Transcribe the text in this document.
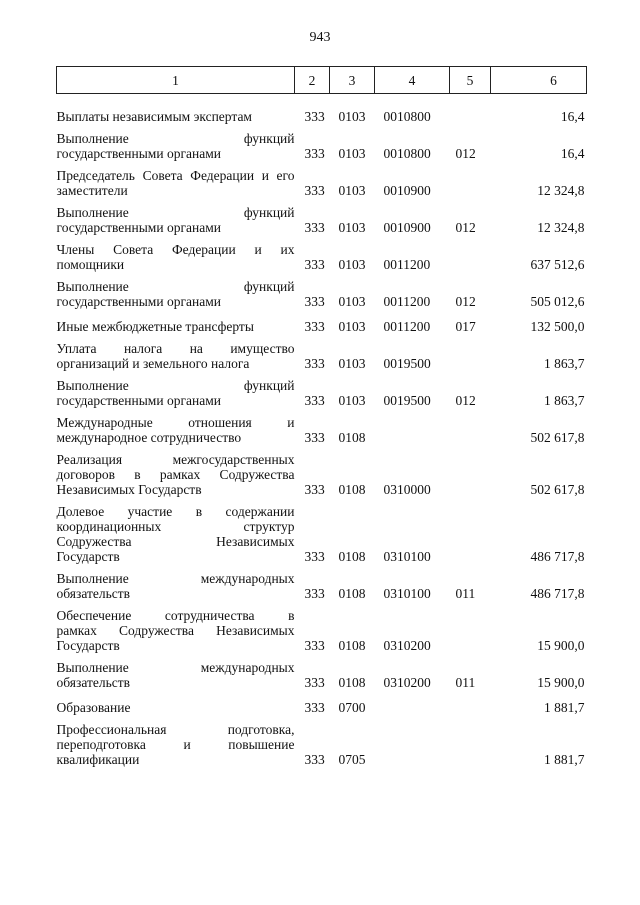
943
1	2	3	4	5	6

Выплаты независимым экспертам	333	0103	0010800		16,4

Выполнение функций
государственными органами	333	0103	0010800	012	16,4

Председатель Совета Федерации и его
заместители	333	0103	0010900		12 324,8

Выполнение функций
государственными органами	333	0103	0010900	012	12 324,8

Члены Совета Федерации и их
помощники	333	0103	0011200		637 512,6

Выполнение функций
государственными органами	333	0103	0011200	012	505 012,6

Иные межбюджетные трансферты	333	0103	0011200	017	132 500,0

Уплата налога на имущество
организаций и земельного налога	333	0103	0019500		1 863,7

Выполнение функций
государственными органами	333	0103	0019500	012	1 863,7

Международные отношения и
международное сотрудничество	333	0108			502 617,8

Реализация межгосударственных
договоров в рамках Содружества
Независимых Государств	333	0108	0310000		502 617,8

Долевое участие в содержании
координационных структур
Содружества Независимых
Государств	333	0108	0310100		486 717,8

Выполнение международных
обязательств	333	0108	0310100	011	486 717,8

Обеспечение сотрудничества в
рамках Содружества Независимых
Государств	333	0108	0310200		15 900,0

Выполнение международных
обязательств	333	0108	0310200	011	15 900,0

Образование	333	0700			1 881,7

Профессиональная подготовка,
переподготовка и повышение
квалификации	333	0705			1 881,7
